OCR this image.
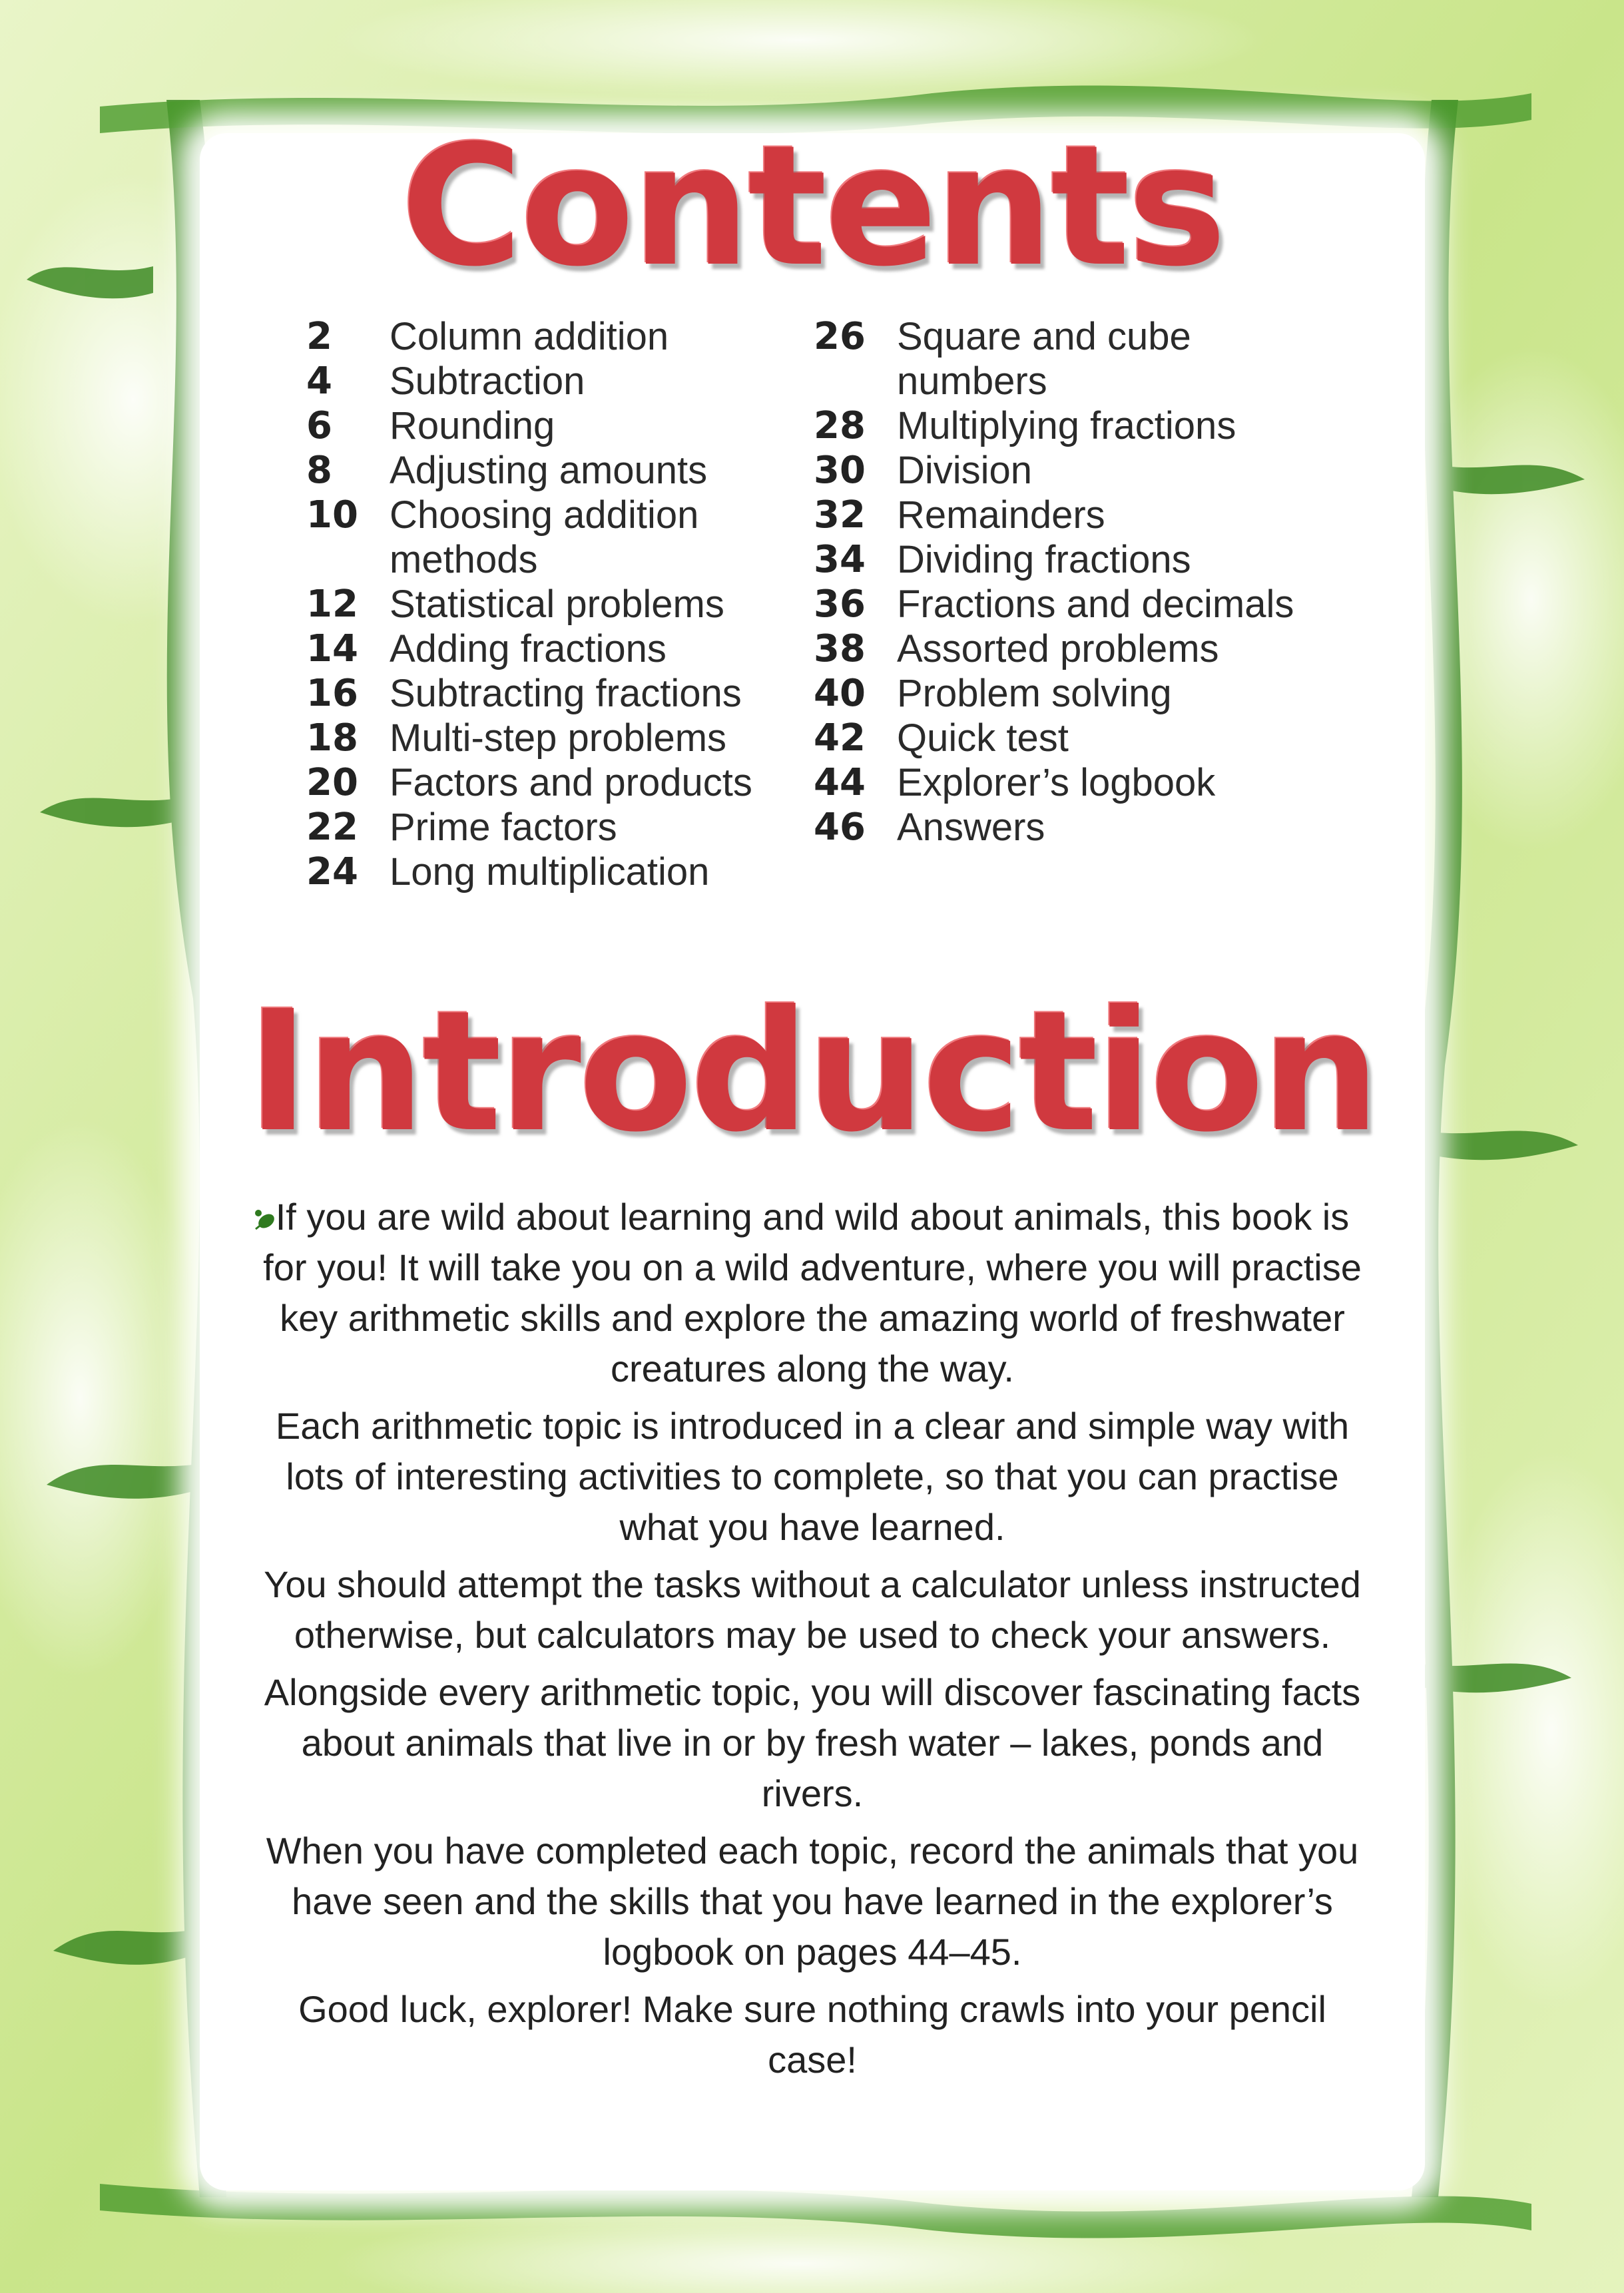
Contents
2	Column addition
4	Subtraction
6	Rounding
8	Adjusting amounts
10 Choosing addition
methods
12 Statistical problems
14 Adding fractions
16 Subtracting fractions
18 Multi-step problems
20 Factors and products
22 Prime factors
24 Long multiplication
26 Square and cube
numbers
28 Multiplying fractions
30 Division
32 Remainders
34 Dividing fractions
36 Fractions and decimals
38 Assorted problems
40 Problem solving
42 Quick test
44 Explorer’s logbook
46 Answers
Introduction

If you are wild about learning and wild about animals, this book is for you! It will take you on a wild adventure, where you will practise key arithmetic skills and explore the amazing world of freshwater creatures along the way.

Each arithmetic topic is introduced in a clear and simple way with lots of interesting activities to complete, so that you can practise what you have learned.

You should attempt the tasks without a calculator unless instructed otherwise, but calculators may be used to check your answers.

Alongside every arithmetic topic, you will discover fascinating facts about animals that live in or by fresh water – lakes, ponds and rivers.

When you have completed each topic, record the animals that you have seen and the skills that you have learned in the explorer’s logbook on pages 44–45.

Good luck, explorer! Make sure nothing crawls into your pencil case!
